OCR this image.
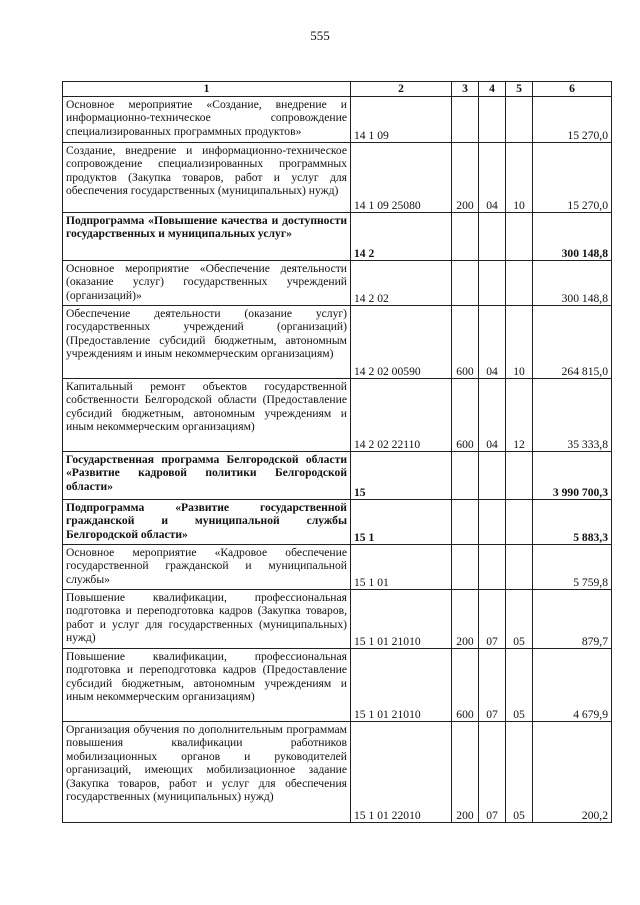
555
1	2	3	4	5	6
Основное мероприятие «Создание, внедрение и информационно-техническое сопровождение специализированных программных продуктов»	14 1 09				15 270,0
Создание, внедрение и информационно-техническое сопровождение специализированных программных продуктов (Закупка товаров, работ и услуг для обеспечения государственных (муниципальных) нужд)	14 1 09 25080	200	04	10	15 270,0
Подпрограмма «Повышение качества и доступности государственных и муниципальных услуг»	14 2				300 148,8
Основное мероприятие «Обеспечение деятельности (оказание услуг) государственных учреждений (организаций)»	14 2 02				300 148,8
Обеспечение деятельности (оказание услуг) государственных учреждений (организаций) (Предоставление субсидий бюджетным, автономным учреждениям и иным некоммерческим организациям)	14 2 02 00590	600	04	10	264 815,0
Капитальный ремонт объектов государственной собственности Белгородской области (Предоставление субсидий бюджетным, автономным учреждениям и иным некоммерческим организациям)	14 2 02 22110	600	04	12	35 333,8
Государственная программа Белгородской области «Развитие кадровой политики Белгородской области»	15				3 990 700,3
Подпрограмма «Развитие государственной гражданской и муниципальной службы Белгородской области»	15 1				5 883,3
Основное мероприятие «Кадровое обеспечение государственной гражданской и муниципальной службы»	15 1 01				5 759,8
Повышение квалификации, профессиональная подготовка и переподготовка кадров (Закупка товаров, работ и услуг для государственных (муниципальных) нужд)	15 1 01 21010	200	07	05	879,7
Повышение квалификации, профессиональная подготовка и переподготовка кадров (Предоставление субсидий бюджетным, автономным учреждениям и иным некоммерческим организациям)	15 1 01 21010	600	07	05	4 679,9
Организация обучения по дополнительным программам повышения квалификации работников мобилизационных органов и руководителей организаций, имеющих мобилизационное задание (Закупка товаров, работ и услуг для обеспечения государственных (муниципальных) нужд)	15 1 01 22010	200	07	05	200,2
